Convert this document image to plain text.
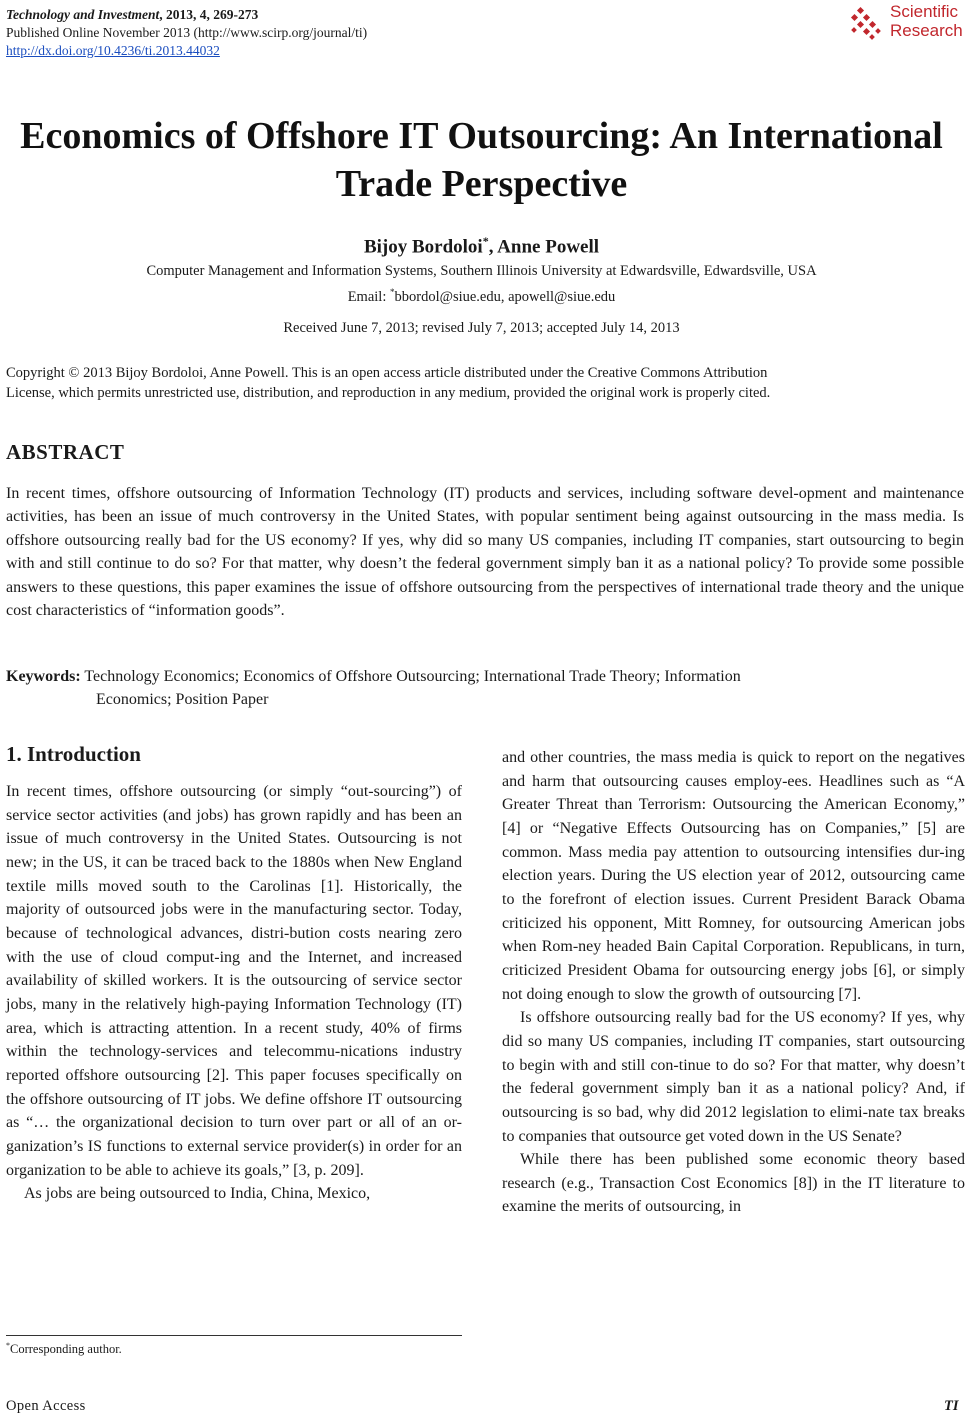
Technology and Investment, 2013, 4, 269-273
Published Online November 2013 (http://www.scirp.org/journal/ti)
http://dx.doi.org/10.4236/ti.2013.44032
Scientific
Research
Economics of Offshore IT Outsourcing: An International
Trade Perspective
Bijoy Bordoloi*, Anne Powell
Computer Management and Information Systems, Southern Illinois University at Edwardsville, Edwardsville, USA
Email: *bbordol@siue.edu, apowell@siue.edu
Received June 7, 2013; revised July 7, 2013; accepted July 14, 2013
Copyright © 2013 Bijoy Bordoloi, Anne Powell. This is an open access article distributed under the Creative Commons Attribution
License, which permits unrestricted use, distribution, and reproduction in any medium, provided the original work is properly cited.
ABSTRACT

In recent times, offshore outsourcing of Information Technology (IT) products and services, including software devel-opment and maintenance activities, has been an issue of much controversy in the United States, with popular sentiment being against outsourcing in the mass media. Is offshore outsourcing really bad for the US economy? If yes, why did so many US companies, including IT companies, start outsourcing to begin with and still continue to do so? For that matter, why doesn’t the federal government simply ban it as a national policy? To provide some possible answers to these questions, this paper examines the issue of offshore outsourcing from the perspectives of international trade theory and the unique cost characteristics of “information goods”.

Keywords: Technology Economics; Economics of Offshore Outsourcing; International Trade Theory; Information
Economics; Position Paper
1. Introduction

In recent times, offshore outsourcing (or simply “out-sourcing”) of service sector activities (and jobs) has grown rapidly and has been an issue of much controversy in the United States. Outsourcing is not new; in the US, it can be traced back to the 1880s when New England textile mills moved south to the Carolinas [1]. Historically, the majority of outsourced jobs were in the manufacturing sector. Today, because of technological advances, distri-bution costs nearing zero with the use of cloud comput-ing and the Internet, and increased availability of skilled workers. It is the outsourcing of service sector jobs, many in the relatively high-paying Information Technology (IT) area, which is attracting attention. In a recent study, 40% of firms within the technology-services and telecommu-nications industry reported offshore outsourcing [2]. This paper focuses specifically on the offshore outsourcing of IT jobs. We define offshore IT outsourcing as “… the organizational decision to turn over part or all of an or-ganization’s IS functions to external service provider(s) in order for an organization to be able to achieve its goals,” [3, p. 209].

As jobs are being outsourced to India, China, Mexico,

and other countries, the mass media is quick to report on the negatives and harm that outsourcing causes employ-ees. Headlines such as “A Greater Threat than Terrorism: Outsourcing the American Economy,” [4] or “Negative Effects Outsourcing has on Companies,” [5] are common. Mass media pay attention to outsourcing intensifies dur-ing election years. During the US election year of 2012, outsourcing came to the forefront of election issues. Current President Barack Obama criticized his opponent, Mitt Romney, for outsourcing American jobs when Rom-ney headed Bain Capital Corporation. Republicans, in turn, criticized President Obama for outsourcing energy jobs [6], or simply not doing enough to slow the growth of outsourcing [7].

Is offshore outsourcing really bad for the US economy? If yes, why did so many US companies, including IT companies, start outsourcing to begin with and still con-tinue to do so? For that matter, why doesn’t the federal government simply ban it as a national policy? And, if outsourcing is so bad, why did 2012 legislation to elimi-nate tax breaks to companies that outsource get voted down in the US Senate?

While there has been published some economic theory based research (e.g., Transaction Cost Economics [8]) in the IT literature to examine the merits of outsourcing, in

*Corresponding author.
Open Access	TI
